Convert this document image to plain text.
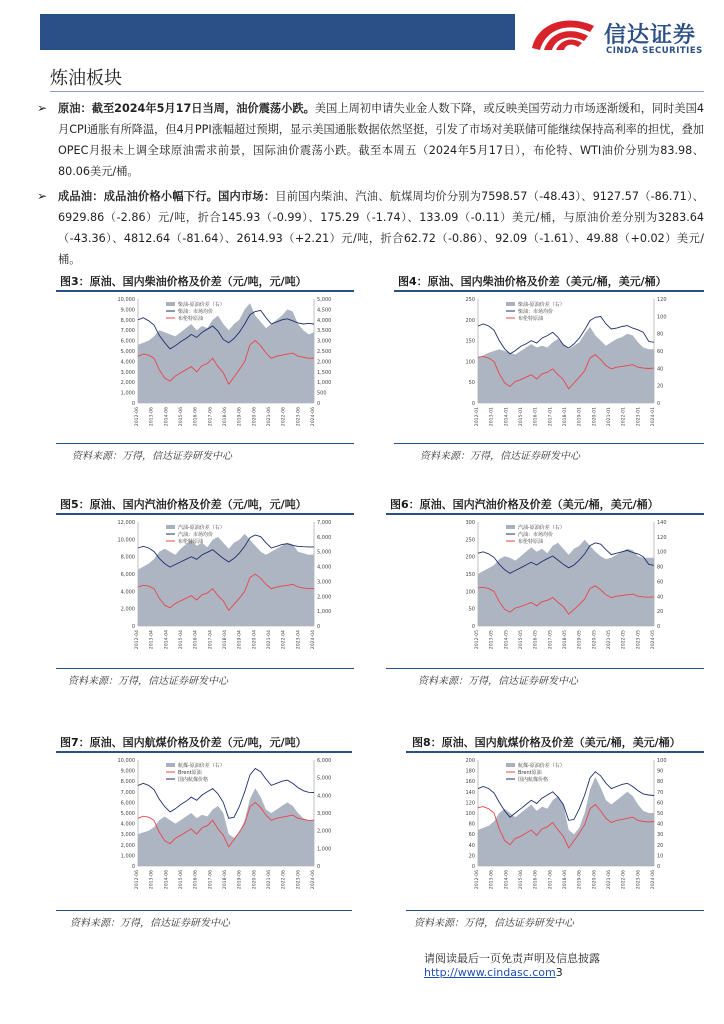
信达证券
CINDA SECURITIES
炼油板块
➢ 原油：截至2024年5月17日当周，油价震荡小跌。美国上周初申请失业金人数下降，或反映美国劳动力市场逐渐缓和，同时美国4月CPI通胀有所降温，但4月PPI涨幅超过预期，显示美国通胀数据依然坚挺，引发了市场对美联储可能继续保持高利率的担忧，叠加OPEC月报未上调全球原油需求前景，国际油价震荡小跌。截至本周五（2024年5月17日），布伦特、WTI油价分别为83.98、80.06美元/桶。
➢ 成品油：成品油价格小幅下行。国内市场：目前国内柴油、汽油、航煤周均价分别为7598.57（-48.43）、9127.57（-86.71）、6929.86（-2.86）元/吨，折合145.93（-0.99）、175.29（-1.74）、133.09（-0.11）美元/桶，与原油价差分别为3283.64（-43.36）、4812.64（-81.64）、2614.93（+2.21）元/吨，折合62.72（-0.86）、92.09（-1.61）、49.88（+0.02）美元/桶。
图3：原油、国内柴油价格及价差（元/吨，元/吨）	图4：原油、国内柴油价格及价差（美元/桶，美元/桶）
0
1,000
2,000
3,000
4,000
5,000
6,000
7,000
8,000
9,000
10,000
0
500
1,000
1,500
2,000
2,500
3,000
3,500
4,000
4,500
5,000
2012-06 2013-06 2014-06 2015-06 2016-06 2017-06 2018-06 2019-06 2020-06 2021-06 2022-06 2023-06 2024-06
柴油-原油价差（右）
柴油：市场均价
布伦特原油
0
50
100
150
200
250
0
20
40
60
80
100
120
2012-01 2013-01 2014-01 2015-01 2016-01 2017-01 2018-01 2019-01 2020-01 2021-01 2022-01 2023-01 2024-01
柴油-原油价差（右）
柴油：市场均价
布伦特原油
资料来源：万得，信达证券研发中心	资料来源：万得，信达证券研发中心
图5：原油、国内汽油价格及价差（元/吨，元/吨）	图6：原油、国内汽油价格及价差（美元/桶，美元/桶）
0
2,000
4,000
6,000
8,000
10,000
12,000
0
1,000
2,000
3,000
4,000
5,000
6,000
7,000
2012-04 2013-04 2014-04 2015-04 2016-04 2017-04 2018-04 2019-04 2020-04 2021-04 2022-04 2023-04 2024-04
汽油-原油价差（右）
汽油：市场均价
布伦特原油
0
50
100
150
200
250
300
0
20
40
60
80
100
120
140
2012-05 2013-05 2014-05 2015-05 2016-05 2017-05 2018-05 2019-05 2020-05 2021-05 2022-05 2023-05 2024-05
汽油-原油价差（右）
汽油：市场均价
布伦特原油
资料来源：万得，信达证券研发中心	资料来源：万得，信达证券研发中心
图7：原油、国内航煤价格及价差（元/吨，元/吨）	图8：原油、国内航煤价格及价差（美元/桶，美元/桶）
0
1,000
2,000
3,000
4,000
5,000
6,000
7,000
8,000
9,000
10,000
0
1,000
2,000
3,000
4,000
5,000
6,000
2012-06 2013-06 2014-06 2015-06 2016-06 2017-06 2018-06 2019-06 2020-06 2021-06 2022-06 2023-06 2024-06
航煤-原油价差（右）
Brent原油
国内航煤价格
0
20
40
60
80
100
120
140
160
180
200
0
10
20
30
40
50
60
70
80
90
100
2012-06 2013-06 2014-06 2015-06 2016-06 2017-06 2018-06 2019-06 2020-06 2021-06 2022-06 2023-06 2024-06
航煤-原油价差（右）
Brent原油
国内航煤价格
资料来源：万得，信达证券研发中心	资料来源：万得，信达证券研发中心
请阅读最后一页免责声明及信息披露 http://www.cindasc.com3
